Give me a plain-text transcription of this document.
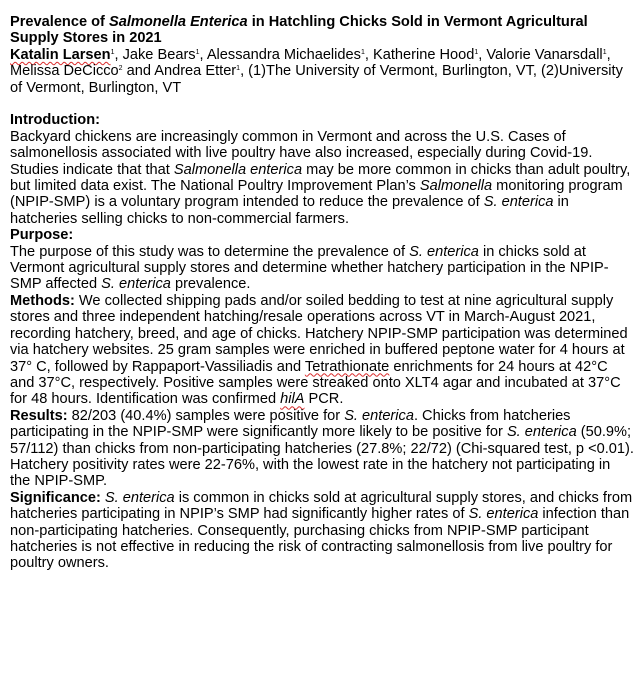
Prevalence of Salmonella Enterica in Hatchling Chicks Sold in Vermont Agricultural Supply Stores in 2021

Katalin Larsen$^1$, Jake Bears$^1$, Alessandra Michaelides$^1$, Katherine Hood$^1$, Valorie Vanarsdall$^1$, Melissa DeCicco$^2$ and Andrea Etter$^1$, (1)The University of Vermont, Burlington, VT, (2)University of Vermont, Burlington, VT

Introduction:

Backyard chickens are increasingly common in Vermont and across the U.S. Cases of salmonellosis associated with live poultry have also increased, especially during Covid-19. Studies indicate that that Salmonella enterica may be more common in chicks than adult poultry, but limited data exist. The National Poultry Improvement Plan’s Salmonella monitoring program (NPIP-SMP) is a voluntary program intended to reduce the prevalence of S. enterica in hatcheries selling chicks to non-commercial farmers.

Purpose:

The purpose of this study was to determine the prevalence of S. enterica in chicks sold at Vermont agricultural supply stores and determine whether hatchery participation in the NPIP-SMP affected S. enterica prevalence.

Methods: We collected shipping pads and/or soiled bedding to test at nine agricultural supply stores and three independent hatching/resale operations across VT in March-August 2021, recording hatchery, breed, and age of chicks. Hatchery NPIP-SMP participation was determined via hatchery websites. 25 gram samples were enriched in buffered peptone water for 4 hours at 37° C, followed by Rappaport-Vassiliadis and Tetrathionate enrichments for 24 hours at 42°C and 37°C, respectively. Positive samples were streaked onto XLT4 agar and incubated at 37°C for 48 hours. Identification was confirmed hilA PCR.

Results: 82/203 (40.4%) samples were positive for S. enterica. Chicks from hatcheries participating in the NPIP-SMP were significantly more likely to be positive for S. enterica (50.9%; 57/112) than chicks from non-participating hatcheries (27.8%; 22/72) (Chi-squared test, p <0.01). Hatchery positivity rates were 22-76%, with the lowest rate in the hatchery not participating in the NPIP-SMP.

Significance: S. enterica is common in chicks sold at agricultural supply stores, and chicks from hatcheries participating in NPIP’s SMP had significantly higher rates of S. enterica infection than non-participating hatcheries. Consequently, purchasing chicks from NPIP-SMP participant hatcheries is not effective in reducing the risk of contracting salmonellosis from live poultry for poultry owners.
